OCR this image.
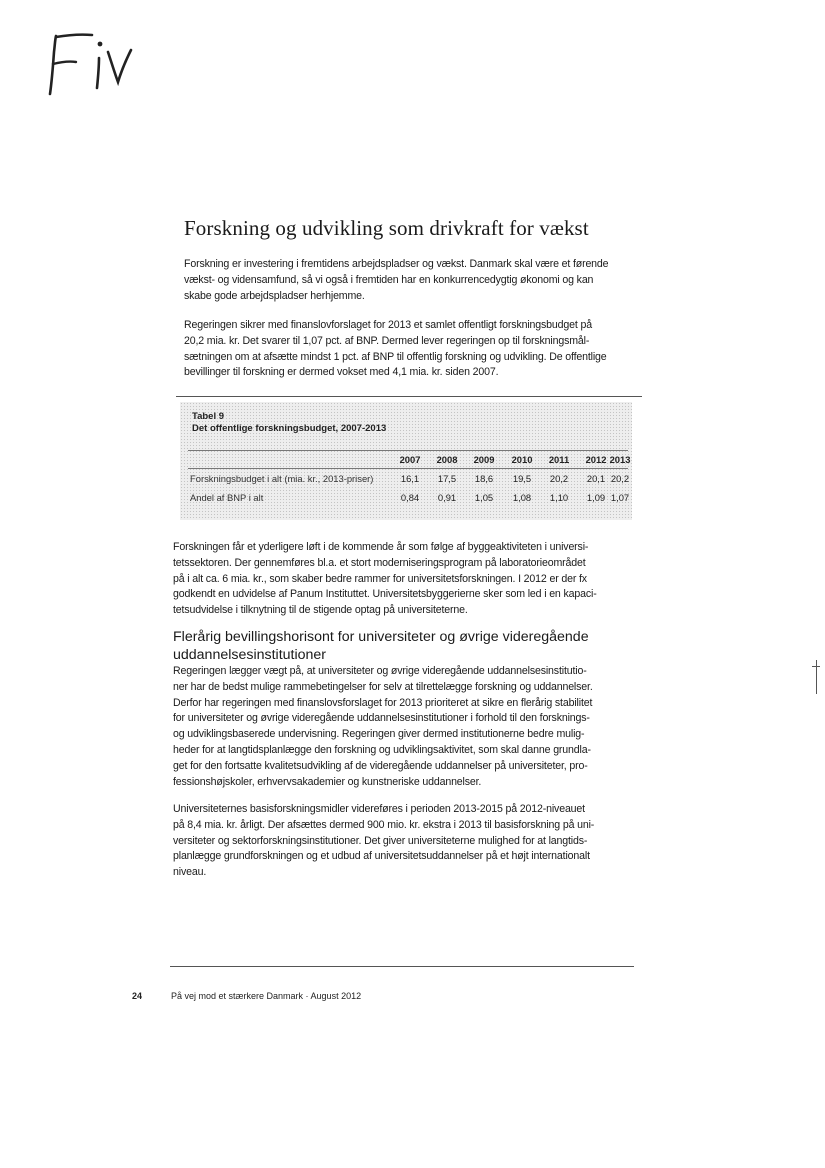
Forskning og udvikling som drivkraft for vækst
Forskning er investering i fremtidens arbejdspladser og vækst. Danmark skal være et førende
vækst- og vidensamfund, så vi også i fremtiden har en konkurrencedygtig økonomi og kan
skabe gode arbejdspladser herhjemme.
Regeringen sikrer med finanslovforslaget for 2013 et samlet offentligt forskningsbudget på
20,2 mia. kr. Det svarer til 1,07 pct. af BNP. Dermed lever regeringen op til forskningsmål-
sætningen om at afsætte mindst 1 pct. af BNP til offentlig forskning og udvikling. De offentlige
bevillinger til forskning er dermed vokset med 4,1 mia. kr. siden 2007.
Tabel 9
Det offentlige forskningsbudget, 2007-2013
2007	2008	2009	2010	2011	2012 2013
Forskningsbudget i alt (mia. kr., 2013-priser)	16,1	17,5	18,6	19,5	20,2	20,1 20,2
Andel af BNP i alt	0,84	0,91	1,05	1,08	1,10	1,09 1,07
Forskningen får et yderligere løft i de kommende år som følge af byggeaktiviteten i universi-
tetssektoren. Der gennemføres bl.a. et stort moderniseringsprogram på laboratorieområdet
på i alt ca. 6 mia. kr., som skaber bedre rammer for universitetsforskningen. I 2012 er der fx
godkendt en udvidelse af Panum Instituttet. Universitetsbyggerierne sker som led i en kapaci-
tetsudvidelse i tilknytning til de stigende optag på universiteterne.
Flerårig bevillingshorisont for universiteter og øvrige videregående uddannelsesinstitutioner
Regeringen lægger vægt på, at universiteter og øvrige videregående uddannelsesinstitutio-
ner har de bedst mulige rammebetingelser for selv at tilrettelægge forskning og uddannelser.
Derfor har regeringen med finanslovsforslaget for 2013 prioriteret at sikre en flerårig stabilitet
for universiteter og øvrige videregående uddannelsesinstitutioner i forhold til den forsknings-
og udviklingsbaserede undervisning. Regeringen giver dermed institutionerne bedre mulig-
heder for at langtidsplanlægge den forskning og udviklingsaktivitet, som skal danne grundla-
get for den fortsatte kvalitetsudvikling af de videregående uddannelser på universiteter, pro-
fessionshøjskoler, erhvervsakademier og kunstneriske uddannelser.
Universiteternes basisforskningsmidler videreføres i perioden 2013-2015 på 2012-niveauet
på 8,4 mia. kr. årligt. Der afsættes dermed 900 mio. kr. ekstra i 2013 til basisforskning på uni-
versiteter og sektorforskningsinstitutioner. Det giver universiteterne mulighed for at langtids-
planlægge grundforskningen og et udbud af universitetsuddannelser på et højt internationalt
niveau.
24	På vej mod et stærkere Danmark · August 2012
